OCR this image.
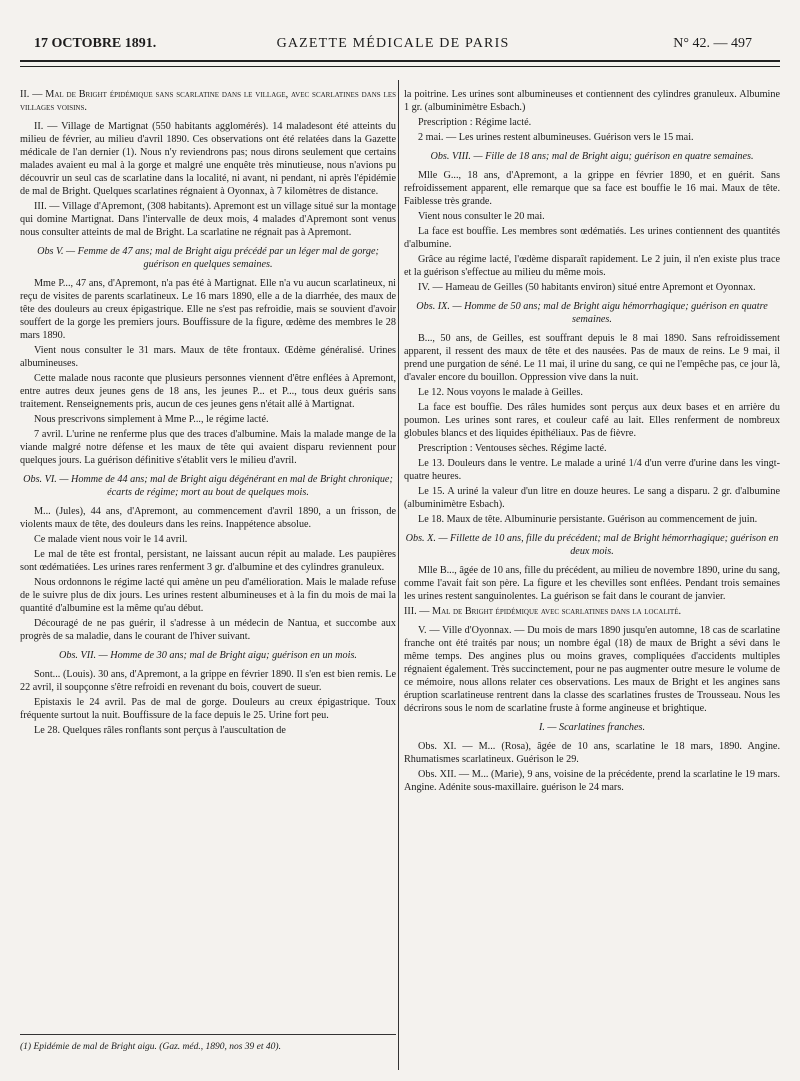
17 OCTOBRE 1891.	GAZETTE MÉDICALE DE PARIS	N° 42. — 497

II. — Mal de Bright épidémique sans scarlatine dans le village, avec scarlatines dans les villages voisins.

II. — Village de Martignat (550 habitants agglomérés). 14 maladesont été atteints du milieu de février, au milieu d'avril 1890. Ces observations ont été relatées dans la Gazette médicale de l'an dernier (1). Nous n'y reviendrons pas; nous dirons seulement que certains malades avaient eu mal à la gorge et malgré une enquête très minutieuse, nous n'avions pu découvrir un seul cas de scarlatine dans la localité, ni avant, ni pendant, ni après l'épidémie de mal de Bright. Quelques scarlatines régnaient à Oyonnax, à 7 kilomètres de distance.

III. — Village d'Apremont, (308 habitants). Apremont est un village situé sur la montage qui domine Martignat. Dans l'intervalle de deux mois, 4 malades d'Apremont sont venus nous consulter atteints de mal de Bright. La scarlatine ne régnait pas à Apremont.

Obs V. — Femme de 47 ans; mal de Bright aigu précédé par un léger mal de gorge; guérison en quelques semaines.

Mme P..., 47 ans, d'Apremont, n'a pas été à Martignat. Elle n'a vu aucun scarlatineux, ni reçu de visites de parents scarlatineux. Le 16 mars 1890, elle a de la diarrhée, des maux de tête des douleurs au creux épigastrique. Elle ne s'est pas refroidie, mais se souvient d'avoir souffert de la gorge les premiers jours. Bouffissure de la figure, œdème des membres le 28 mars 1890.

Vient nous consulter le 31 mars. Maux de tête frontaux. Œdème généralisé. Urines albumineuses.

Cette malade nous raconte que plusieurs personnes viennent d'être enflées à Apremont, entre autres deux jeunes gens de 18 ans, les jeunes P... et P..., tous deux guéris sans traitement. Renseignements pris, aucun de ces jeunes gens n'était allé à Martignat.

Nous prescrivons simplement à Mme P..., le régime lacté.

7 avril. L'urine ne renferme plus que des traces d'albumine. Mais la malade mange de la viande malgré notre défense et les maux de tête qui avaient disparu reviennent pour quelques jours. La guérison définitive s'établit vers le milieu d'avril.

Obs. VI. — Homme de 44 ans; mal de Bright aigu dégénérant en mal de Bright chronique; écarts de régime; mort au bout de quelques mois.

M... (Jules), 44 ans, d'Apremont, au commencement d'avril 1890, a un frisson, de violents maux de tête, des douleurs dans les reins. Inappétence absolue.

Ce malade vient nous voir le 14 avril.

Le mal de tête est frontal, persistant, ne laissant aucun répit au malade. Les paupières sont œdématiées. Les urines rares renferment 3 gr. d'albumine et des cylindres granuleux.

Nous ordonnons le régime lacté qui amène un peu d'amélioration. Mais le malade refuse de le suivre plus de dix jours. Les urines restent albumineuses et à la fin du mois de mai la quantité d'albumine est la même qu'au début.

Découragé de ne pas guérir, il s'adresse à un médecin de Nantua, et succombe aux progrès de sa maladie, dans le courant de l'hiver suivant.

Obs. VII. — Homme de 30 ans; mal de Bright aigu; guérison en un mois.

Sont... (Louis). 30 ans, d'Apremont, a la grippe en février 1890. Il s'en est bien remis. Le 22 avril, il soupçonne s'être refroidi en revenant du bois, couvert de sueur.

Epistaxis le 24 avril. Pas de mal de gorge. Douleurs au creux épigastrique. Toux fréquente surtout la nuit. Bouffissure de la face depuis le 25. Urine fort peu.

Le 28. Quelques râles ronflants sont perçus à l'auscultation de

la poitrine. Les urines sont albumineuses et contiennent des cylindres granuleux. Albumine 1 gr. (albuminimètre Esbach.)

Prescription : Régime lacté.

2 mai. — Les urines restent albumineuses. Guérison vers le 15 mai.

Obs. VIII. — Fille de 18 ans; mal de Bright aigu; guérison en quatre semaines.

Mlle G..., 18 ans, d'Apremont, a la grippe en février 1890, et en guérit. Sans refroidissement apparent, elle remarque que sa face est bouffie le 16 mai. Maux de tête. Faiblesse très grande.

Vient nous consulter le 20 mai.

La face est bouffie. Les membres sont œdématiés. Les urines contiennent des quantités d'albumine.

Grâce au régime lacté, l'œdème disparaît rapidement. Le 2 juin, il n'en existe plus trace et la guérison s'effectue au milieu du même mois.

IV. — Hameau de Geilles (50 habitants environ) situé entre Apremont et Oyonnax.

Obs. IX. — Homme de 50 ans; mal de Bright aigu hémorrhagique; guérison en quatre semaines.

B..., 50 ans, de Geilles, est souffrant depuis le 8 mai 1890. Sans refroidissement apparent, il ressent des maux de tête et des nausées. Pas de maux de reins. Le 9 mai, il prend une purgation de séné. Le 11 mai, il urine du sang, ce qui ne l'empêche pas, ce jour là, d'avaler encore du bouillon. Oppression vive dans la nuit.

Le 12. Nous voyons le malade à Geilles.

La face est bouffie. Des râles humides sont perçus aux deux bases et en arrière du poumon. Les urines sont rares, et couleur café au lait. Elles renferment de nombreux globules blancs et des liquides épithéliaux. Pas de fièvre.

Prescription : Ventouses sèches. Régime lacté.

Le 13. Douleurs dans le ventre. Le malade a uriné 1/4 d'un verre d'urine dans les vingt-quatre heures.

Le 15. A uriné la valeur d'un litre en douze heures. Le sang a disparu. 2 gr. d'albumine (albuminimètre Esbach).

Le 18. Maux de tête. Albuminurie persistante. Guérison au commencement de juin.

Obs. X. — Fillette de 10 ans, fille du précédent; mal de Bright hémorrhagique; guérison en deux mois.

Mlle B..., âgée de 10 ans, fille du précédent, au milieu de novembre 1890, urine du sang, comme l'avait fait son père. La figure et les chevilles sont enflées. Pendant trois semaines les urines restent sanguinolentes. La guérison se fait dans le courant de janvier.

III. — Mal de Bright épidémique avec scarlatines dans la localité.

V. — Ville d'Oyonnax. — Du mois de mars 1890 jusqu'en automne, 18 cas de scarlatine franche ont été traités par nous; un nombre égal (18) de maux de Bright a sévi dans le même temps. Des angines plus ou moins graves, compliquées d'accidents multiples régnaient également. Très succinctement, pour ne pas augmenter outre mesure le volume de ce mémoire, nous allons relater ces observations. Les maux de Bright et les angines sans éruption scarlatineuse rentrent dans la classe des scarlatines frustes de Trousseau. Nous les décrirons sous le nom de scarlatine fruste à forme angineuse et brightique.

I. — Scarlatines franches.

Obs. XI. — M... (Rosa), âgée de 10 ans, scarlatine le 18 mars, 1890. Angine. Rhumatismes scarlatineux. Guérison le 29.

Obs. XII. — M... (Marie), 9 ans, voisine de la précédente, prend la scarlatine le 19 mars. Angine. Adénite sous-maxillaire. guérison le 24 mars.

(1) Epidémie de mal de Bright aigu. (Gaz. méd., 1890, nos 39 et 40).
